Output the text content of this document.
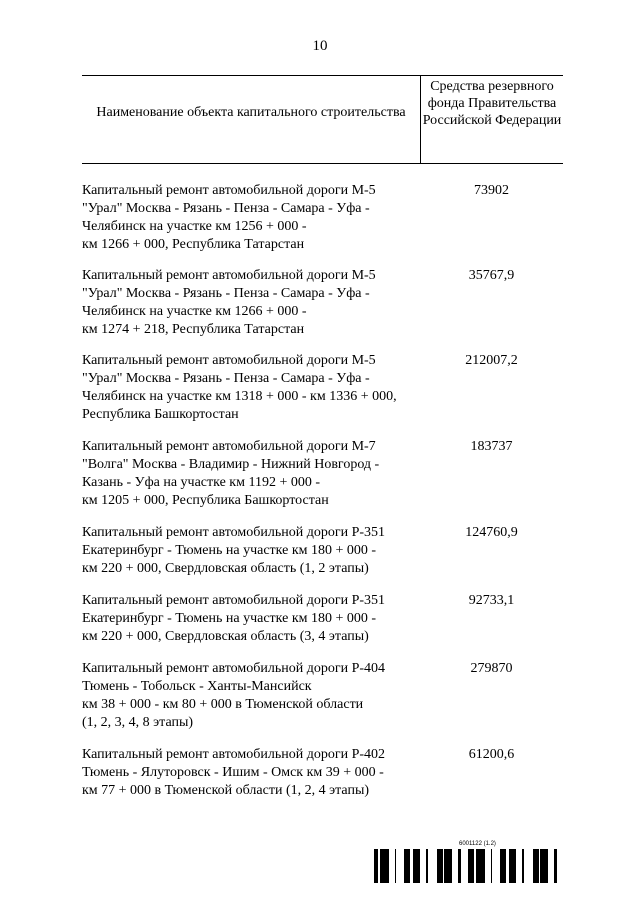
10
Наименование объекта капитального строительства
Средства резервного фонда Правительства Российской Федерации
Капитальный ремонт автомобильной дороги М-5
"Урал" Москва - Рязань - Пенза - Самара - Уфа -
Челябинск на участке км 1256 + 000 -
км 1266 + 000, Республика Татарстан
73902
Капитальный ремонт автомобильной дороги М-5
"Урал" Москва - Рязань - Пенза - Самара - Уфа -
Челябинск на участке км 1266 + 000 -
км 1274 + 218, Республика Татарстан
35767,9
Капитальный ремонт автомобильной дороги М-5
"Урал" Москва - Рязань - Пенза - Самара - Уфа -
Челябинск на участке км 1318 + 000 - км 1336 + 000,
Республика Башкортостан
212007,2
Капитальный ремонт автомобильной дороги М-7
"Волга" Москва - Владимир - Нижний Новгород -
Казань - Уфа на участке км 1192 + 000 -
км 1205 + 000, Республика Башкортостан
183737
Капитальный ремонт автомобильной дороги Р-351
Екатеринбург - Тюмень на участке км 180 + 000 -
км 220 + 000, Свердловская область (1, 2 этапы)
124760,9
Капитальный ремонт автомобильной дороги Р-351
Екатеринбург - Тюмень на участке км 180 + 000 -
км 220 + 000, Свердловская область (3, 4 этапы)
92733,1
Капитальный ремонт автомобильной дороги Р-404
Тюмень - Тобольск - Ханты-Мансийск
км 38 + 000 - км 80 + 000 в Тюменской области
(1, 2, 3, 4, 8 этапы)
279870
Капитальный ремонт автомобильной дороги Р-402
Тюмень - Ялуторовск - Ишим - Омск км 39 + 000 -
км 77 + 000 в Тюменской области (1, 2, 4 этапы)
61200,6
6001122 (1.2)
